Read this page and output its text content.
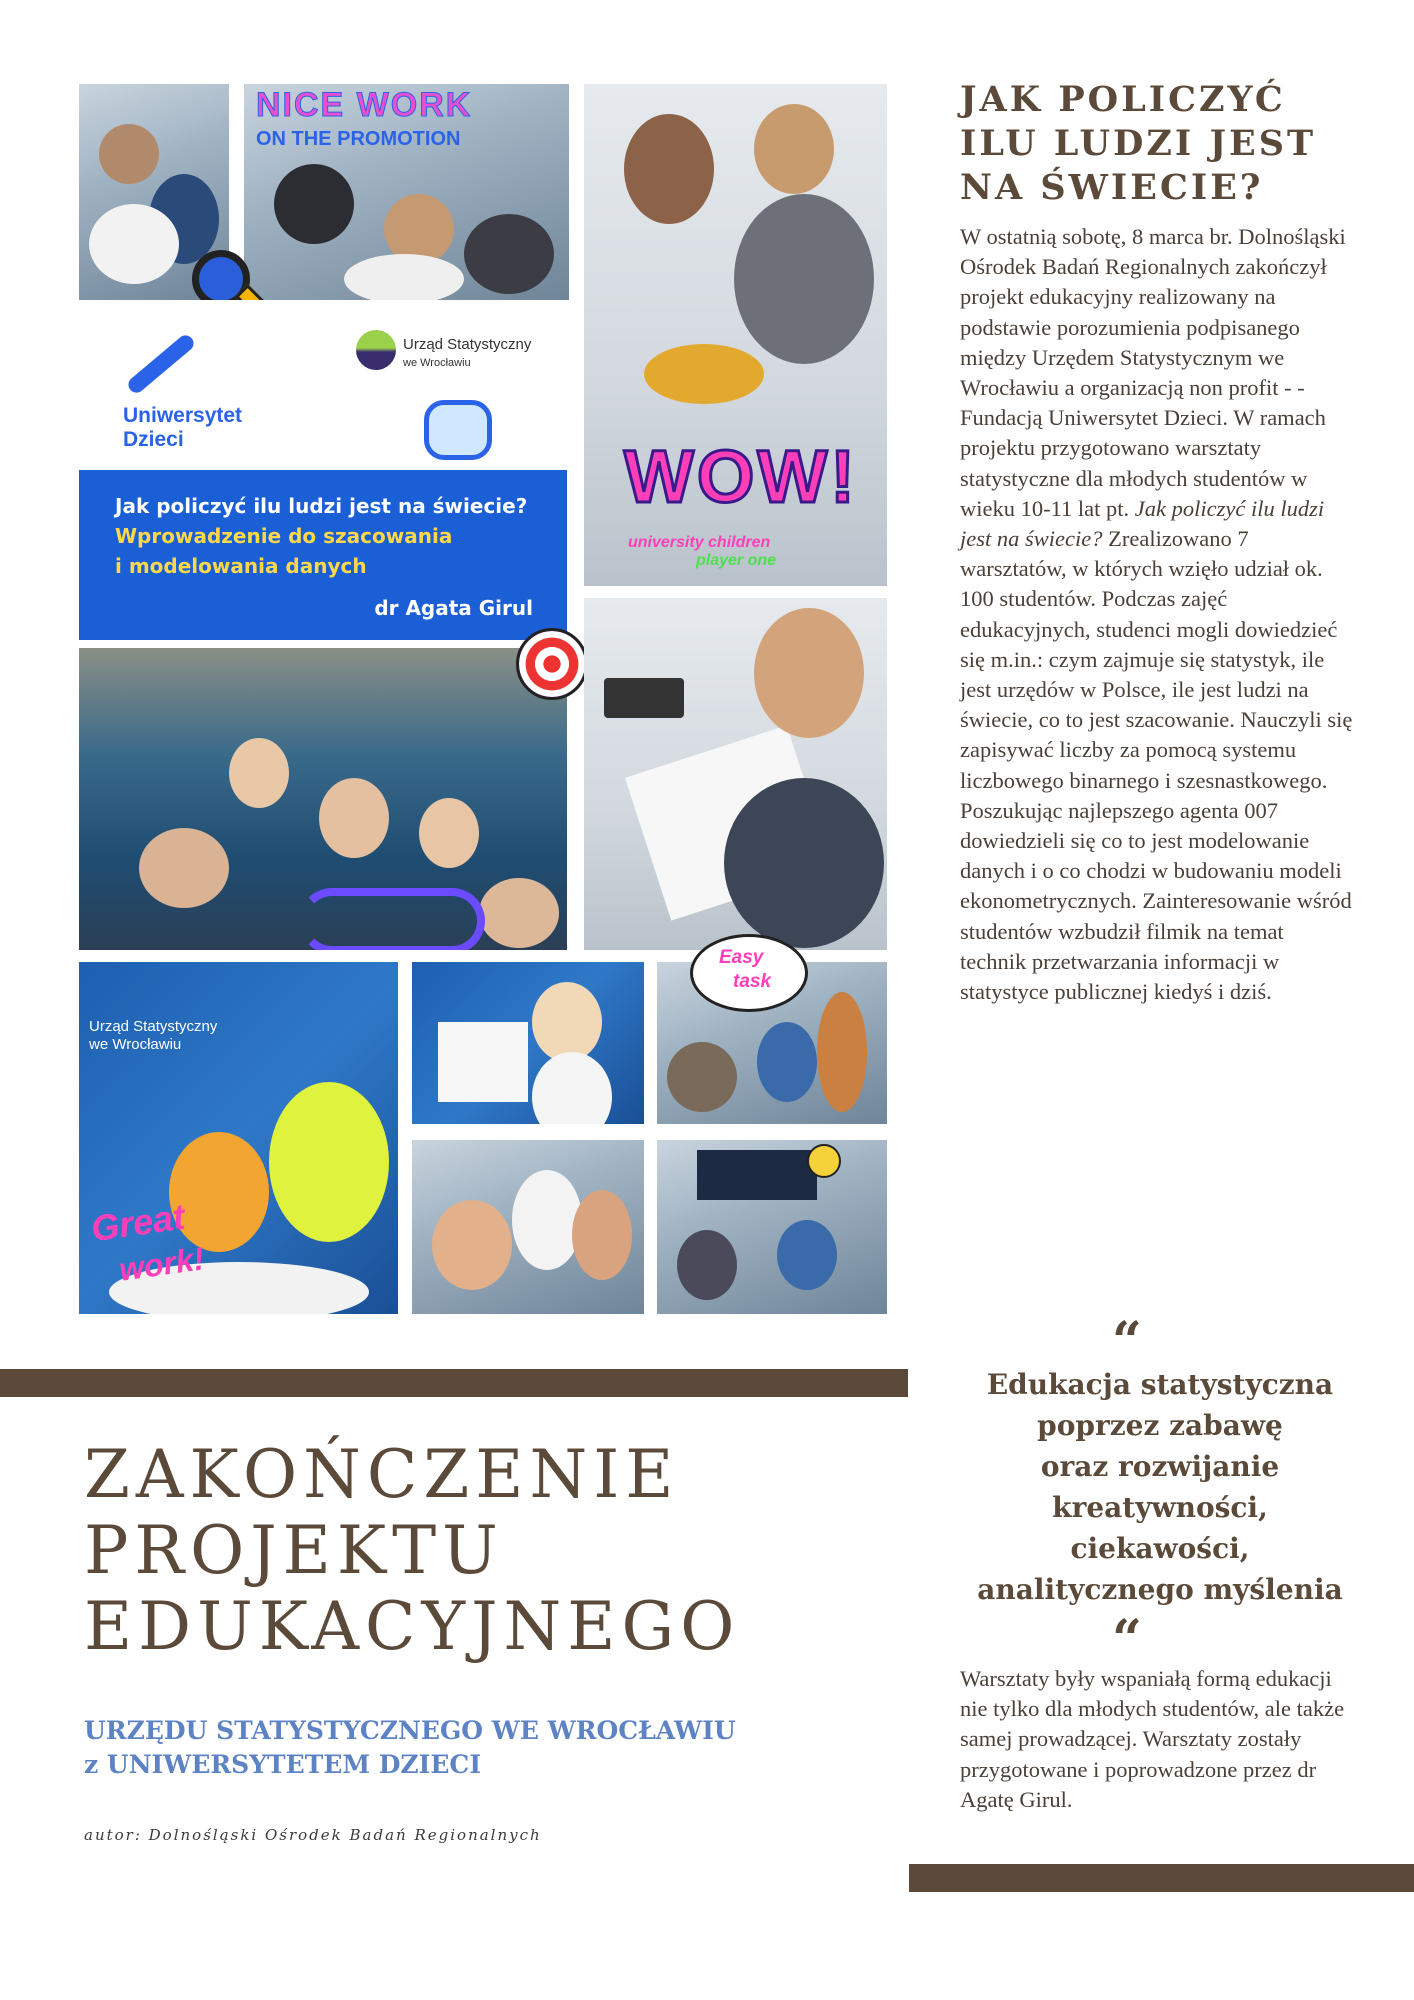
NICE WORK
ON THE PROMOTION
Uniwersytet
Dzieci
Urząd Statystyczny
we Wrocławiu
Jak policzyć ilu ludzi jest na świecie?
Wprowadzenie do szacowania
i modelowania danych
dr Agata Girul
WOW!
university children
player one
Urząd Statystyczny
we Wrocławiu
Great
work!
Easy
task
ZAKOŃCZENIE
PROJEKTU
EDUKACYJNEGO
URZĘDU STATYSTYCZNEGO WE WROCŁAWIU
z UNIWERSYTETEM DZIECI
autor: Dolnośląski Ośrodek Badań Regionalnych
JAK POLICZYĆ
ILU LUDZI JEST
NA ŚWIECIE?
W ostatnią sobotę, 8 marca br. Dolnośląski Ośrodek Badań Regionalnych zakończył projekt edukacyjny realizowany na podstawie porozumienia podpisanego między Urzędem Statystycznym we Wrocławiu a organizacją non profit - - Fundacją Uniwersytet Dzieci. W ramach projektu przygotowano warsztaty statystyczne dla młodych studentów w wieku 10-11 lat pt. Jak policzyć ilu ludzi jest na świecie? Zrealizowano 7 warsztatów, w których wzięło udział ok. 100 studentów. Podczas zajęć edukacyjnych, studenci mogli dowiedzieć się m.in.: czym zajmuje się statystyk, ile jest urzędów w Polsce, ile jest ludzi na świecie, co to jest szacowanie. Nauczyli się zapisywać liczby za pomocą systemu liczbowego binarnego i szesnastkowego. Poszukując najlepszego agenta 007 dowiedzieli się co to jest modelowanie danych i o co chodzi w budowaniu modeli ekonometrycznych. Zainteresowanie wśród studentów wzbudził filmik na temat technik przetwarzania informacji w statystyce publicznej kiedyś i dziś.
“
Edukacja statystyczna
poprzez zabawę
oraz rozwijanie
kreatywności,
ciekawości,
analitycznego myślenia
“
Warsztaty były wspaniałą formą edukacji nie tylko dla młodych studentów, ale także samej prowadzącej. Warsztaty zostały przygotowane i poprowadzone przez dr Agatę Girul.
